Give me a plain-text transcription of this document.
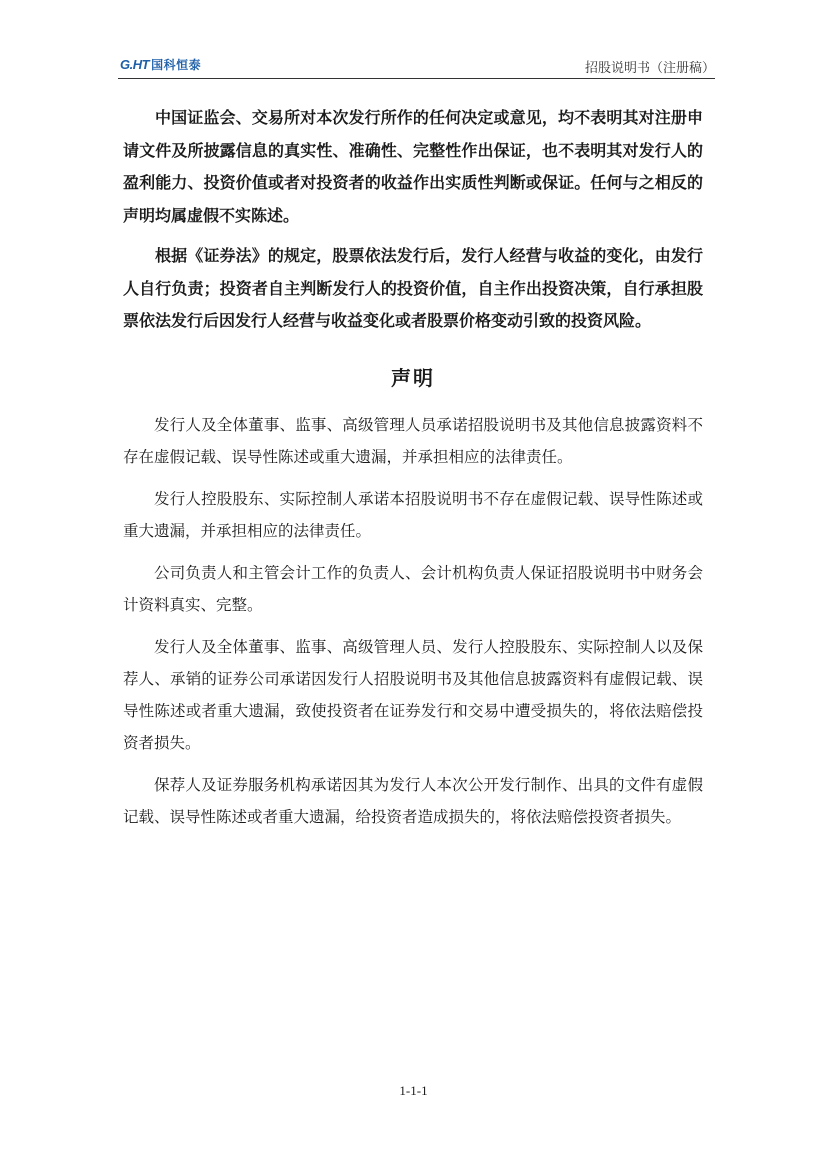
G.HT 国科恒泰	招股说明书（注册稿）

中国证监会、交易所对本次发行所作的任何决定或意见，均不表明其对注册申请文件及所披露信息的真实性、准确性、完整性作出保证，也不表明其对发行人的盈利能力、投资价值或者对投资者的收益作出实质性判断或保证。任何与之相反的声明均属虚假不实陈述。

根据《证券法》的规定，股票依法发行后，发行人经营与收益的变化，由发行人自行负责；投资者自主判断发行人的投资价值，自主作出投资决策，自行承担股票依法发行后因发行人经营与收益变化或者股票价格变动引致的投资风险。

声明

发行人及全体董事、监事、高级管理人员承诺招股说明书及其他信息披露资料不存在虚假记载、误导性陈述或重大遗漏，并承担相应的法律责任。

发行人控股股东、实际控制人承诺本招股说明书不存在虚假记载、误导性陈述或重大遗漏，并承担相应的法律责任。

公司负责人和主管会计工作的负责人、会计机构负责人保证招股说明书中财务会计资料真实、完整。

发行人及全体董事、监事、高级管理人员、发行人控股股东、实际控制人以及保荐人、承销的证券公司承诺因发行人招股说明书及其他信息披露资料有虚假记载、误导性陈述或者重大遗漏，致使投资者在证券发行和交易中遭受损失的，将依法赔偿投资者损失。

保荐人及证券服务机构承诺因其为发行人本次公开发行制作、出具的文件有虚假记载、误导性陈述或者重大遗漏，给投资者造成损失的，将依法赔偿投资者损失。

1-1-1
